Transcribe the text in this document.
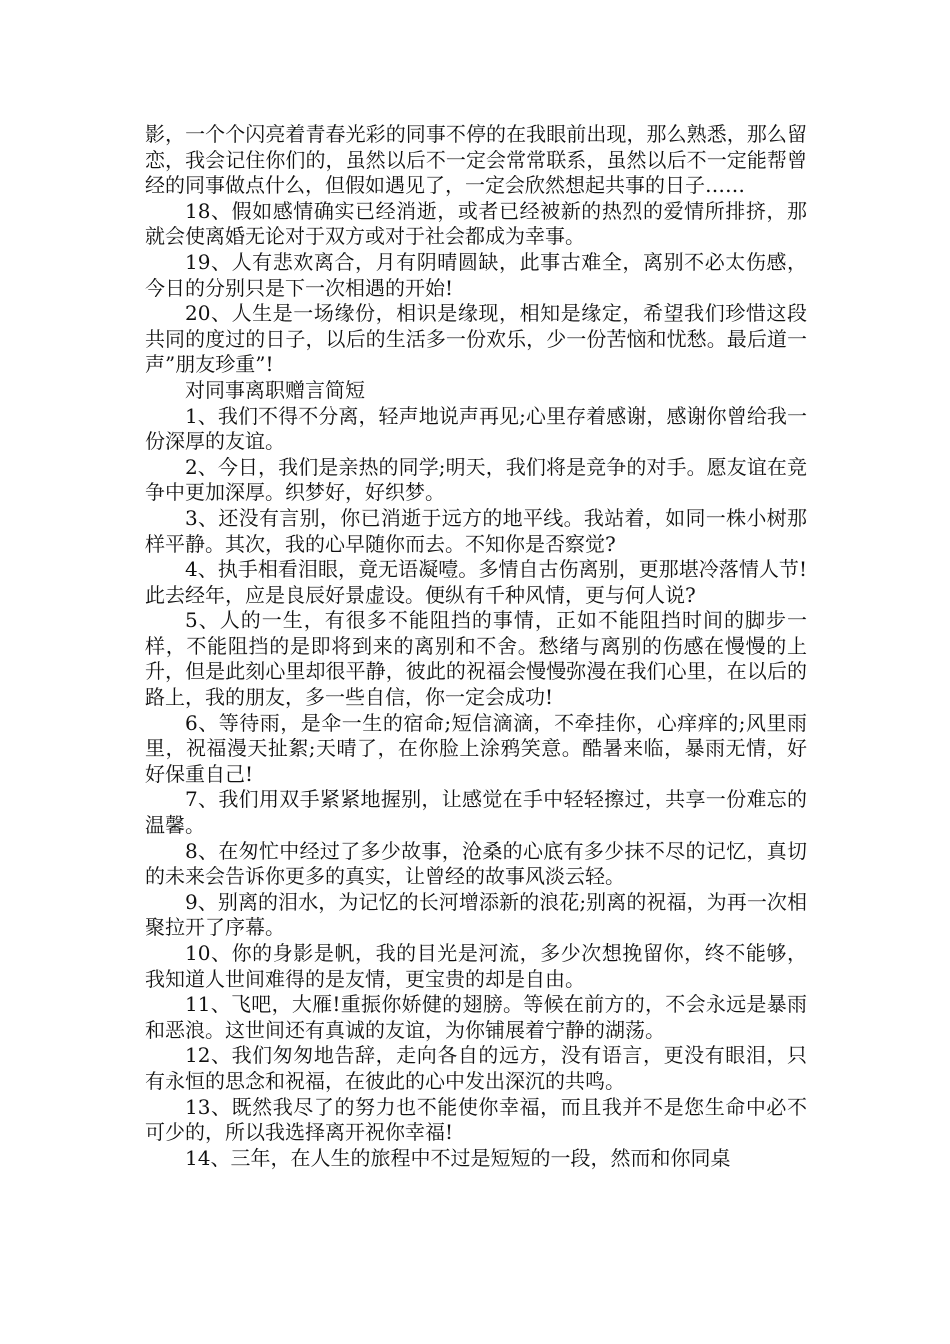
影，一个个闪亮着青春光彩的同事不停的在我眼前出现，那么熟悉，那么留恋，我会记住你们的，虽然以后不一定会常常联系，虽然以后不一定能帮曾经的同事做点什么，但假如遇见了，一定会欣然想起共事的日子……

18、假如感情确实已经消逝，或者已经被新的热烈的爱情所排挤，那就会使离婚无论对于双方或对于社会都成为幸事。

19、人有悲欢离合，月有阴晴圆缺，此事古难全，离别不必太伤感，今日的分别只是下一次相遇的开始!

20、人生是一场缘份，相识是缘现，相知是缘定，希望我们珍惜这段共同的度过的日子，以后的生活多一份欢乐，少一份苦恼和忧愁。最后道一声”朋友珍重”!

对同事离职赠言简短

1、我们不得不分离，轻声地说声再见;心里存着感谢，感谢你曾给我一份深厚的友谊。

2、今日，我们是亲热的同学;明天，我们将是竞争的对手。愿友谊在竞争中更加深厚。织梦好，好织梦。

3、还没有言别，你已消逝于远方的地平线。我站着，如同一株小树那样平静。其次，我的心早随你而去。不知你是否察觉?

4、执手相看泪眼，竟无语凝噎。多情自古伤离别，更那堪冷落情人节!此去经年，应是良辰好景虚设。便纵有千种风情，更与何人说?

5、人的一生，有很多不能阻挡的事情，正如不能阻挡时间的脚步一样，不能阻挡的是即将到来的离别和不舍。愁绪与离别的伤感在慢慢的上升，但是此刻心里却很平静，彼此的祝福会慢慢弥漫在我们心里，在以后的路上，我的朋友，多一些自信，你一定会成功!

6、等待雨，是伞一生的宿命;短信滴滴，不牵挂你，心痒痒的;风里雨里，祝福漫天扯絮;天晴了，在你脸上涂鸦笑意。酷暑来临，暴雨无情，好好保重自己!

7、我们用双手紧紧地握别，让感觉在手中轻轻擦过，共享一份难忘的温馨。

8、在匆忙中经过了多少故事，沧桑的心底有多少抹不尽的记忆，真切的未来会告诉你更多的真实，让曾经的故事风淡云轻。

9、别离的泪水，为记忆的长河增添新的浪花;别离的祝福，为再一次相聚拉开了序幕。

10、你的身影是帆，我的目光是河流，多少次想挽留你，终不能够，我知道人世间难得的是友情，更宝贵的却是自由。

11、飞吧，大雁!重振你娇健的翅膀。等候在前方的，不会永远是暴雨和恶浪。这世间还有真诚的友谊，为你铺展着宁静的湖荡。

12、我们匆匆地告辞，走向各自的远方，没有语言，更没有眼泪，只有永恒的思念和祝福，在彼此的心中发出深沉的共鸣。

13、既然我尽了的努力也不能使你幸福，而且我并不是您生命中必不可少的，所以我选择离开祝你幸福!

14、三年，在人生的旅程中不过是短短的一段，然而和你同桌
